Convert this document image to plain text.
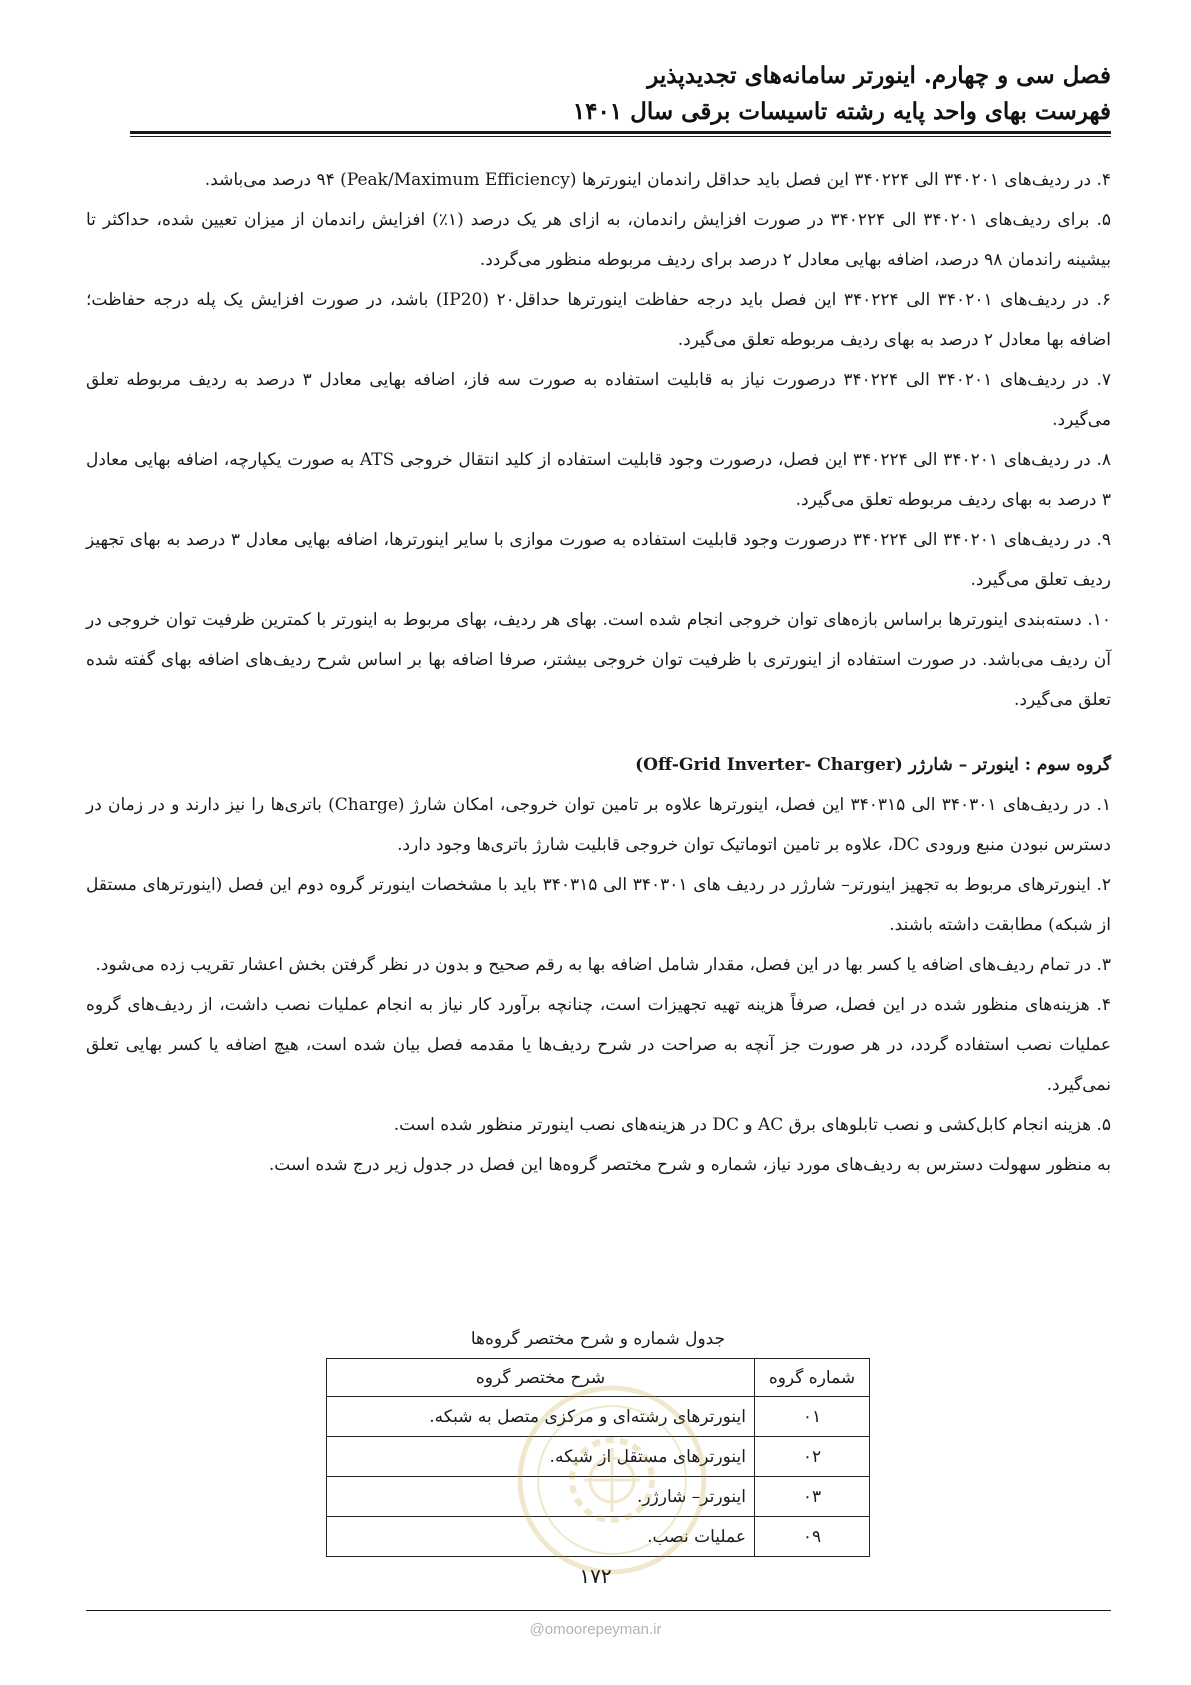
فصل سی و چهارم. اینورتر سامانه‌های تجدیدپذیر
فهرست بهای واحد پایه رشته تاسیسات برقی سال ۱۴۰۱

۴. در ردیف‌های ۳۴۰۲۰۱ الی ۳۴۰۲۲۴ این فصل باید حداقل راندمان اینورترها (Peak/Maximum Efficiency) ۹۴ درصد می‌باشد.

۵. برای ردیف‌های ۳۴۰۲۰۱ الی ۳۴۰۲۲۴ در صورت افزایش راندمان، به ازای هر یک درصد (۱٪) افزایش راندمان از میزان تعیین شده، حداکثر تا بیشینه راندمان ۹۸ درصد، اضافه بهایی معادل ۲ درصد برای ردیف مربوطه منظور می‌گردد.

۶. در ردیف‌های ۳۴۰۲۰۱ الی ۳۴۰۲۲۴ این فصل باید درجه حفاظت اینورترها حداقل۲۰ (IP20) باشد، در صورت افزایش یک پله درجه حفاظت؛ اضافه بها معادل ۲ درصد به بهای ردیف مربوطه تعلق می‌گیرد.

۷. در ردیف‌های ۳۴۰۲۰۱ الی ۳۴۰۲۲۴ درصورت نیاز به قابلیت استفاده به صورت سه فاز، اضافه بهایی معادل ۳ درصد به ردیف مربوطه تعلق می‌گیرد.

۸. در ردیف‌های ۳۴۰۲۰۱ الی ۳۴۰۲۲۴ این فصل، درصورت وجود قابلیت استفاده از کلید انتقال خروجی ATS به صورت یکپارچه، اضافه بهایی معادل ۳ درصد به بهای ردیف مربوطه تعلق می‌گیرد.

۹. در ردیف‌های ۳۴۰۲۰۱ الی ۳۴۰۲۲۴ درصورت وجود قابلیت استفاده به صورت موازی با سایر اینورترها، اضافه بهایی معادل ۳ درصد به بهای تجهیز ردیف تعلق می‌گیرد.

۱۰. دسته‌بندی اینورترها براساس بازه‌های توان خروجی انجام شده است. بهای هر ردیف، بهای مربوط به اینورتر با کمترین ظرفیت توان خروجی در آن ردیف می‌باشد. در صورت استفاده از اینورتری با ظرفیت توان خروجی بیشتر، صرفا اضافه بها بر اساس شرح ردیف‌های اضافه بهای گفته شده تعلق می‌گیرد.

گروه سوم : اینورتر – شارژر (Off-Grid Inverter- Charger)

۱. در ردیف‌های ۳۴۰۳۰۱ الی ۳۴۰۳۱۵ این فصل، اینورترها علاوه بر تامین توان خروجی، امکان شارژ (Charge) باتری‌ها را نیز دارند و در زمان در دسترس نبودن منبع ورودی DC، علاوه بر تامین اتوماتیک توان خروجی قابلیت شارژ باتری‌ها وجود دارد.

۲. اینورترهای مربوط به تجهیز اینورتر– شارژر در ردیف های ۳۴۰۳۰۱ الی ۳۴۰۳۱۵ باید با مشخصات اینورتر گروه دوم این فصل (اینورترهای مستقل از شبکه) مطابقت داشته باشند.

۳. در تمام ردیف‌های اضافه یا کسر بها در این فصل، مقدار شامل اضافه بها به رقم صحیح و بدون در نظر گرفتن بخش اعشار تقریب زده می‌شود.

۴. هزینه‌های منظور شده در این فصل، صرفاً هزینه تهیه تجهیزات است، چنانچه برآورد کار نیاز به انجام عملیات نصب داشت، از ردیف‌های گروه عملیات نصب استفاده گردد، در هر صورت جز آنچه به صراحت در شرح ردیف‌ها یا مقدمه فصل بیان شده است، هیچ اضافه یا کسر بهایی تعلق نمی‌گیرد.

۵. هزینه انجام کابل‌کشی و نصب تابلوهای برق AC و DC در هزینه‌های نصب اینورتر منظور شده است.

به منظور سهولت دسترس به ردیف‌های مورد نیاز، شماره و شرح مختصر گروه‌ها این فصل در جدول زیر درج شده است.

جدول شماره و شرح مختصر گروه‌ها
شماره گروه	شرح مختصر گروه
۰۱	اینورترهای رشته‌ای و مرکزی متصل به شبکه.
۰۲	اینورترهای مستقل از شبکه.
۰۳	اینورتر– شارژر.
۰۹	عملیات نصب.
۱۷۲
@omoorepeyman.ir
